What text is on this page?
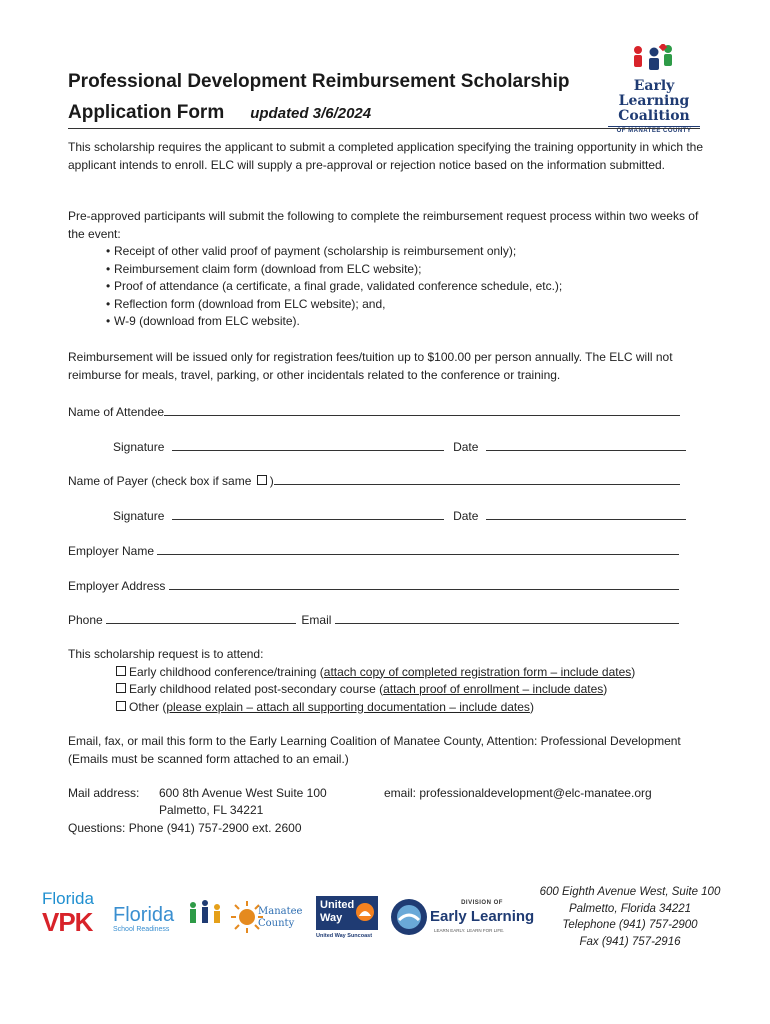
Professional Development Reimbursement Scholarship
Application Form updated 3/6/2024
Early Learning
Coalition
OF MANATEE COUNTY
This scholarship requires the applicant to submit a completed application specifying the training opportunity in which the applicant intends to enroll. ELC will supply a pre-approval or rejection notice based on the information submitted.
Pre-approved participants will submit the following to complete the reimbursement request process within two weeks of the event:
• Receipt of other valid proof of payment (scholarship is reimbursement only);
• Reimbursement claim form (download from ELC website);
• Proof of attendance (a certificate, a final grade, validated conference schedule, etc.);
• Reflection form (download from ELC website); and,
• W-9 (download from ELC website).
Reimbursement will be issued only for registration fees/tuition up to $100.00 per person annually. The ELC will not reimburse for meals, travel, parking, or other incidentals related to the conference or training.
Name of Attendee
Signature	Date
Name of Payer (check box if same )
Signature	Date
Employer Name
Employer Address
Phone	Email
This scholarship request is to attend:
Early childhood conference/training (attach copy of completed registration form – include dates)
Early childhood related post-secondary course (attach proof of enrollment – include dates)
Other (please explain – attach all supporting documentation – include dates)
Email, fax, or mail this form to the Early Learning Coalition of Manatee County, Attention: Professional Development (Emails must be scanned form attached to an email.)
Mail address: 600 8th Avenue West Suite 100
Palmetto, FL 34221
email: professionaldevelopment@elc-manatee.org
Questions: Phone (941) 757-2900 ext. 2600
Florida
VPK	Florida
School Readiness
Manatee
County
United
Way
United Way Suncoast
DIVISION OF
Early Learning
LEARN EARLY. LEARN FOR LIFE.
600 Eighth Avenue West, Suite 100
Palmetto, Florida 34221
Telephone (941) 757-2900
Fax (941) 757-2916
